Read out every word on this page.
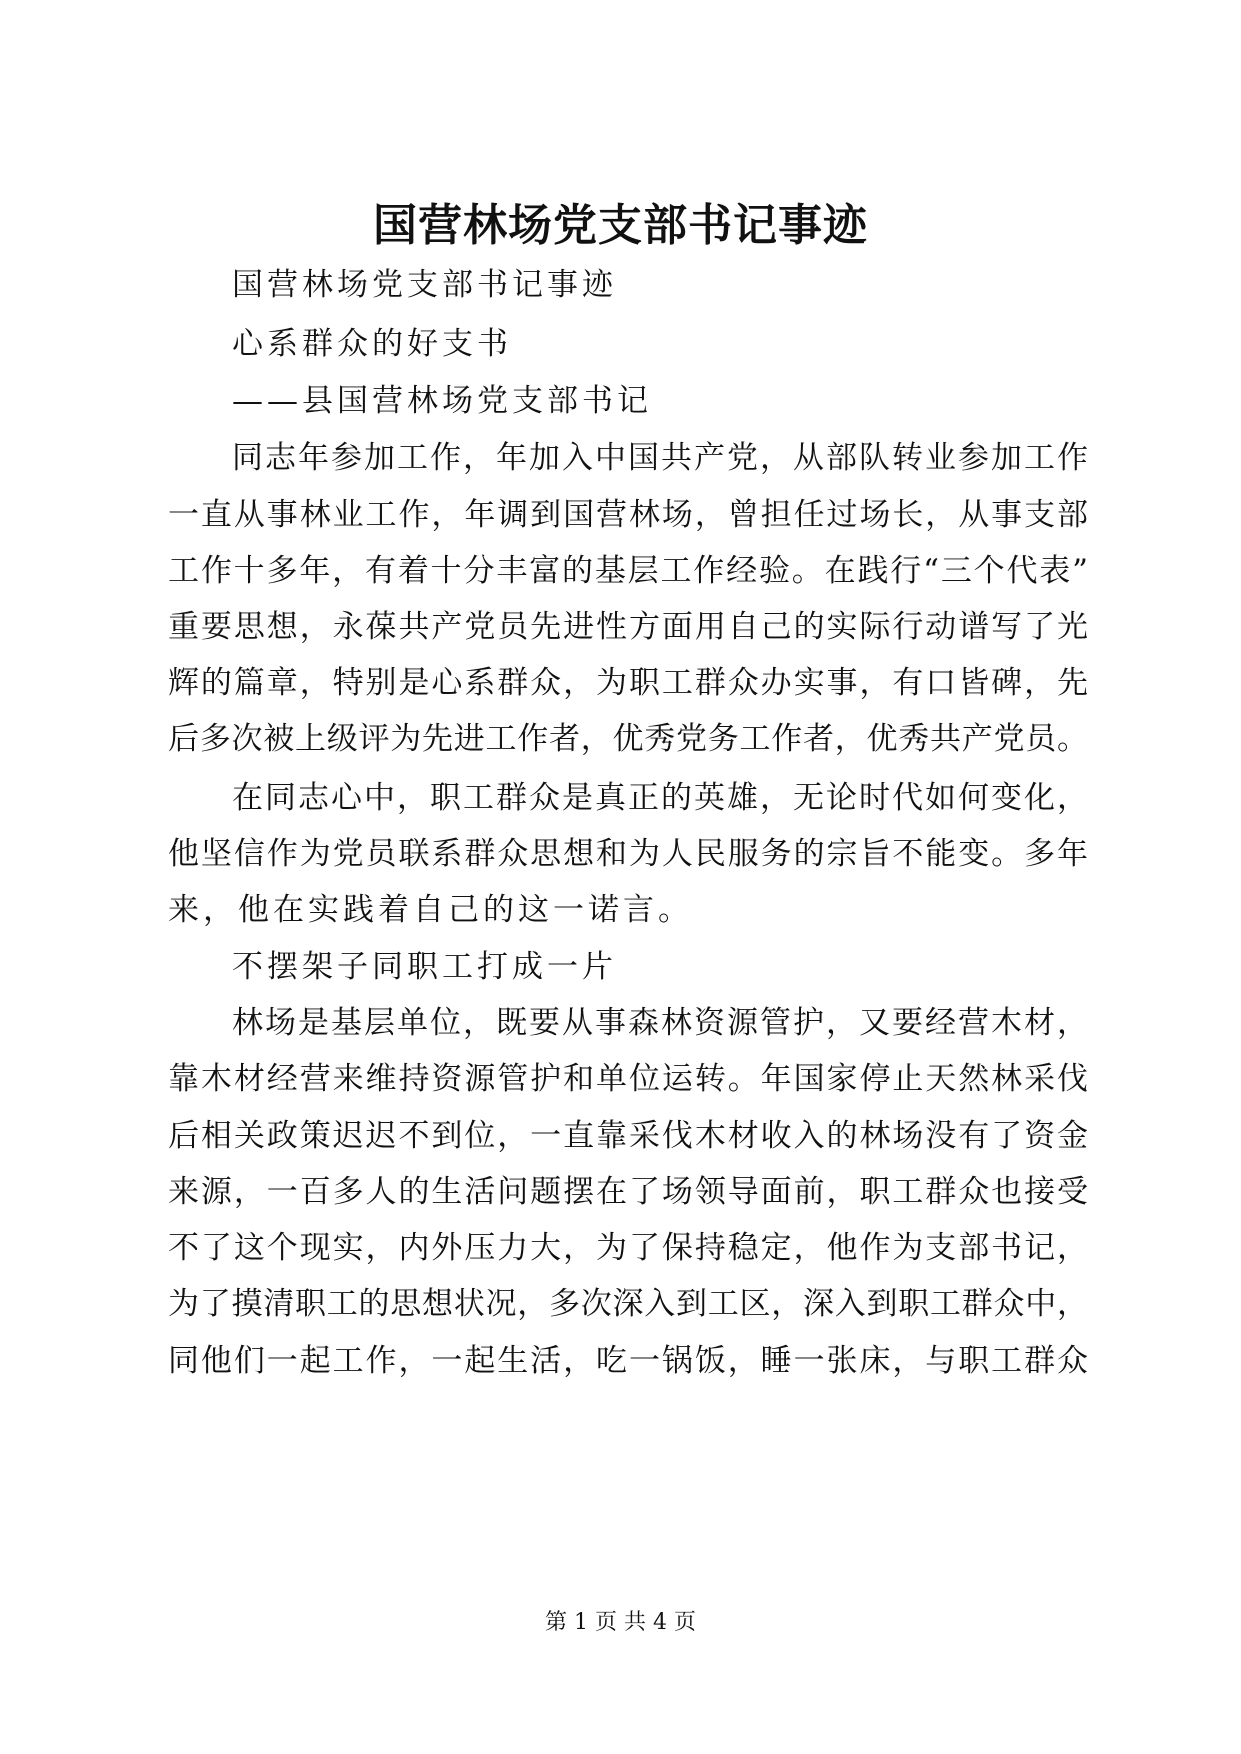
国营林场党支部书记事迹
国营林场党支部书记事迹
心系群众的好支书
——县国营林场党支部书记
同志年参加工作，年加入中国共产党，从部队转业参加工作
一直从事林业工作，年调到国营林场，曾担任过场长，从事支部
工作十多年，有着十分丰富的基层工作经验。在践行“三个代表”
重要思想，永葆共产党员先进性方面用自己的实际行动谱写了光
辉的篇章，特别是心系群众，为职工群众办实事，有口皆碑，先
后多次被上级评为先进工作者，优秀党务工作者，优秀共产党员。
在同志心中，职工群众是真正的英雄，无论时代如何变化，
他坚信作为党员联系群众思想和为人民服务的宗旨不能变。多年
来，他在实践着自己的这一诺言。
不摆架子同职工打成一片
林场是基层单位，既要从事森林资源管护，又要经营木材，
靠木材经营来维持资源管护和单位运转。年国家停止天然林采伐
后相关政策迟迟不到位，一直靠采伐木材收入的林场没有了资金
来源，一百多人的生活问题摆在了场领导面前，职工群众也接受
不了这个现实，内外压力大，为了保持稳定，他作为支部书记，
为了摸清职工的思想状况，多次深入到工区，深入到职工群众中，
同他们一起工作，一起生活，吃一锅饭，睡一张床，与职工群众
第 1 页 共 4 页
